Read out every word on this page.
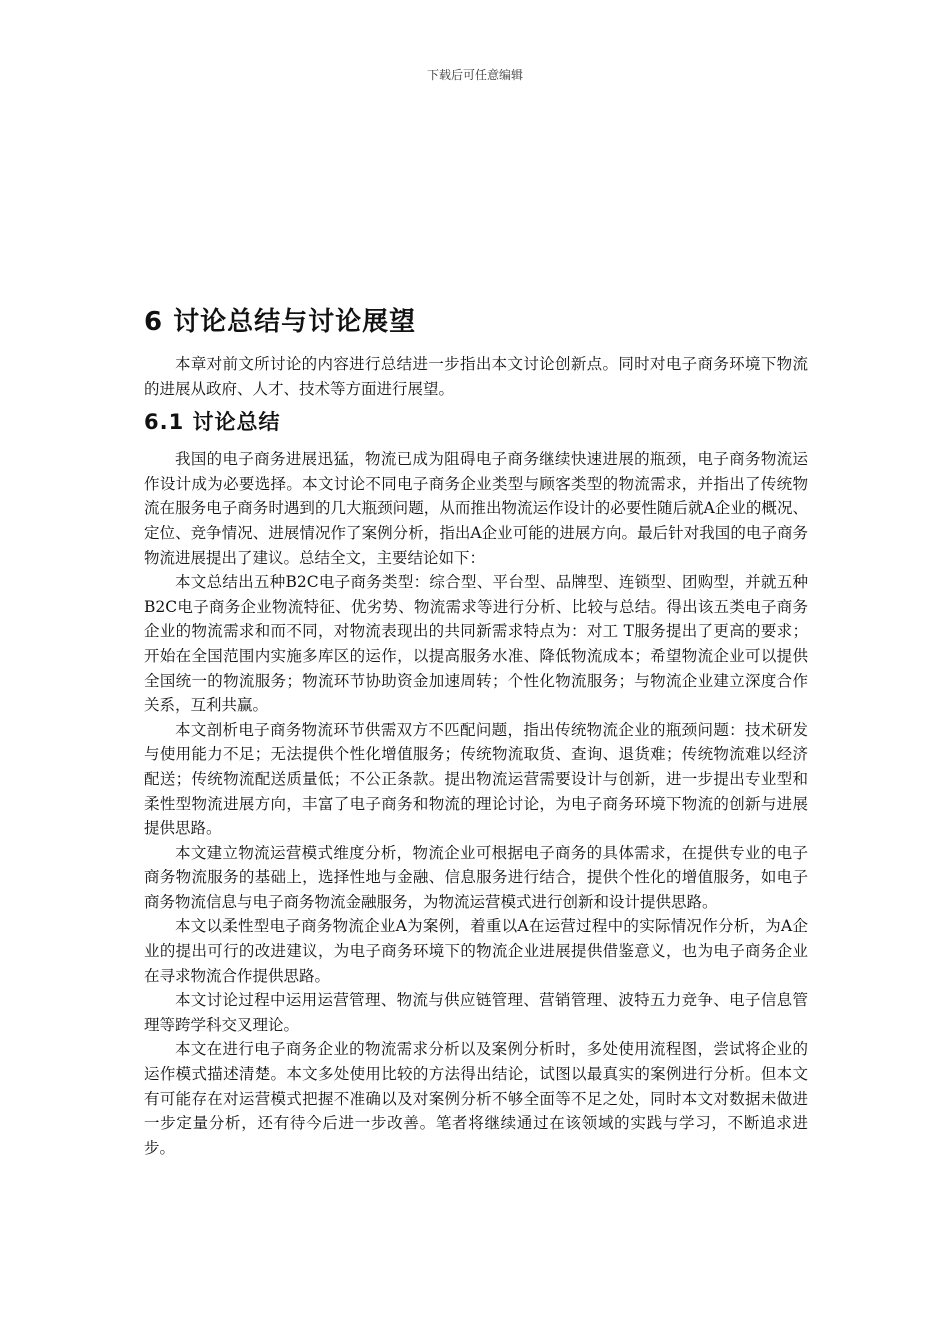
下载后可任意编辑
6 讨论总结与讨论展望

本章对前文所讨论的内容进行总结进一步指出本文讨论创新点。同时对电子商务环境下物流的进展从政府、人才、技术等方面进行展望。

6.1 讨论总结

我国的电子商务进展迅猛，物流已成为阻碍电子商务继续快速进展的瓶颈，电子商务物流运作设计成为必要选择。本文讨论不同电子商务企业类型与顾客类型的物流需求，并指出了传统物流在服务电子商务时遇到的几大瓶颈问题，从而推出物流运作设计的必要性随后就A企业的概况、定位、竞争情况、进展情况作了案例分析，指出A企业可能的进展方向。最后针对我国的电子商务物流进展提出了建议。总结全文，主要结论如下：

本文总结出五种B2C电子商务类型：综合型、平台型、品牌型、连锁型、团购型，并就五种B2C电子商务企业物流特征、优劣势、物流需求等进行分析、比较与总结。得出该五类电子商务企业的物流需求和而不同，对物流表现出的共同新需求特点为：对工 T服务提出了更高的要求；开始在全国范围内实施多库区的运作，以提高服务水准、降低物流成本；希望物流企业可以提供全国统一的物流服务；物流环节协助资金加速周转；个性化物流服务；与物流企业建立深度合作关系，互利共赢。

本文剖析电子商务物流环节供需双方不匹配问题，指出传统物流企业的瓶颈问题：技术研发与使用能力不足；无法提供个性化增值服务；传统物流取货、查询、退货难；传统物流难以经济配送；传统物流配送质量低；不公正条款。提出物流运营需要设计与创新，进一步提出专业型和柔性型物流进展方向，丰富了电子商务和物流的理论讨论，为电子商务环境下物流的创新与进展提供思路。

本文建立物流运营模式维度分析，物流企业可根据电子商务的具体需求，在提供专业的电子商务物流服务的基础上，选择性地与金融、信息服务进行结合，提供个性化的增值服务，如电子商务物流信息与电子商务物流金融服务，为物流运营模式进行创新和设计提供思路。

本文以柔性型电子商务物流企业A为案例，着重以A在运营过程中的实际情况作分析，为A企业的提出可行的改进建议，为电子商务环境下的物流企业进展提供借鉴意义，也为电子商务企业在寻求物流合作提供思路。

本文讨论过程中运用运营管理、物流与供应链管理、营销管理、波特五力竞争、电子信息管理等跨学科交叉理论。

本文在进行电子商务企业的物流需求分析以及案例分析时，多处使用流程图，尝试将企业的运作模式描述清楚。本文多处使用比较的方法得出结论，试图以最真实的案例进行分析。但本文有可能存在对运营模式把握不准确以及对案例分析不够全面等不足之处，同时本文对数据未做进一步定量分析，还有待今后进一步改善。笔者将继续通过在该领域的实践与学习，不断追求进步。
